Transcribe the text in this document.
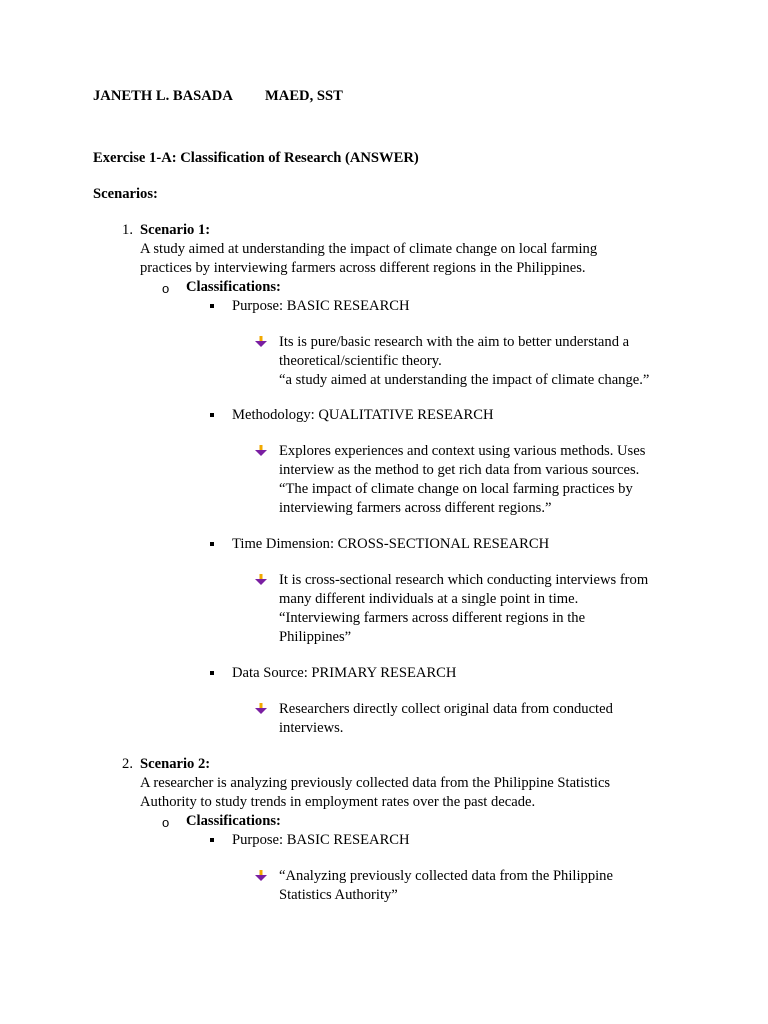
JANETH L. BASADA MAED, SST
Exercise 1-A: Classification of Research (ANSWER)
Scenarios:
1. Scenario 1:
A study aimed at understanding the impact of climate change on local farming
practices by interviewing farmers across different regions in the Philippines.
o Classifications:
Purpose: BASIC RESEARCH
Its is pure/basic research with the aim to better understand a
theoretical/scientific theory.
“a study aimed at understanding the impact of climate change.”
Methodology: QUALITATIVE RESEARCH
Explores experiences and context using various methods. Uses
interview as the method to get rich data from various sources.
“The impact of climate change on local farming practices by
interviewing farmers across different regions.”
Time Dimension: CROSS-SECTIONAL RESEARCH
It is cross-sectional research which conducting interviews from
many different individuals at a single point in time.
“Interviewing farmers across different regions in the
Philippines”
Data Source: PRIMARY RESEARCH
Researchers directly collect original data from conducted
interviews.
2. Scenario 2:
A researcher is analyzing previously collected data from the Philippine Statistics
Authority to study trends in employment rates over the past decade.
o Classifications:
Purpose: BASIC RESEARCH
“Analyzing previously collected data from the Philippine
Statistics Authority”
